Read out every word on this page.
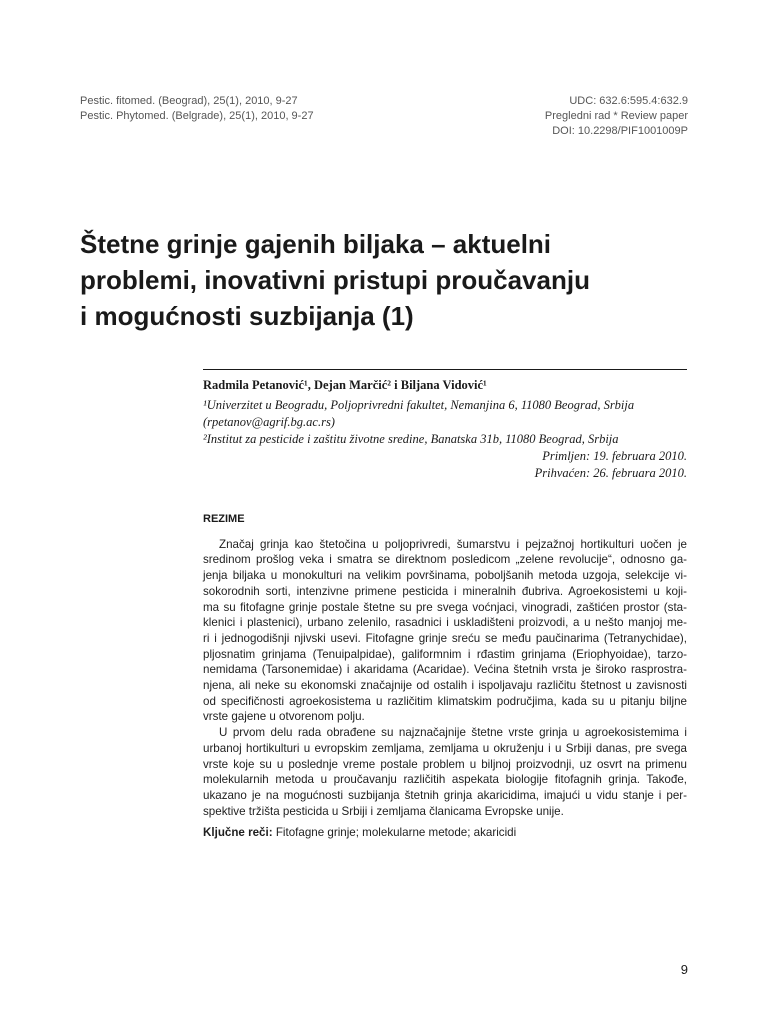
Pestic. fitomed. (Beograd), 25(1), 2010, 9-27
Pestic. Phytomed. (Belgrade), 25(1), 2010, 9-27
UDC: 632.6:595.4:632.9
Pregledni rad * Review paper
DOI: 10.2298/PIF1001009P
Štetne grinje gajenih biljaka – aktuelni
problemi, inovativni pristupi proučavanju
i mogućnosti suzbijanja (1)
Radmila Petanović¹, Dejan Marčić² i Biljana Vidović¹
¹Univerzitet u Beogradu, Poljoprivredni fakultet, Nemanjina 6, 11080 Beograd, Srbija
(rpetanov@agrif.bg.ac.rs)
²Institut za pesticide i zaštitu životne sredine, Banatska 31b, 11080 Beograd, Srbija
Primljen: 19. februara 2010.
Prihvaćen: 26. februara 2010.
REZIME
Značaj grinja kao štetočina u poljoprivredi, šumarstvu i pejzažnoj hortikulturi uočen je
sredinom prošlog veka i smatra se direktnom posledicom „zelene revolucije“, odnosno ga-
jenja biljaka u monokulturi na velikim površinama, poboljšanih metoda uzgoja, selekcije vi-
sokorodnih sorti, intenzivne primene pesticida i mineralnih đubriva. Agroekosistemi u koji-
ma su fitofagne grinje postale štetne su pre svega voćnjaci, vinogradi, zaštićen prostor (sta-
klenici i plastenici), urbano zelenilo, rasadnici i uskladišteni proizvodi, a u nešto manjoj me-
ri i jednogodišnji njivski usevi. Fitofagne grinje sreću se među paučinarima (Tetranychidae),
pljosnatim grinjama (Tenuipalpidae), galiformnim i rđastim grinjama (Eriophyoidae), tarzo-
nemidama (Tarsonemidae) i akaridama (Acaridae). Većina štetnih vrsta je široko rasprostra-
njena, ali neke su ekonomski značajnije od ostalih i ispoljavaju različitu štetnost u zavisnosti
od specifičnosti agroekosistema u različitim klimatskim područjima, kada su u pitanju biljne
vrste gajene u otvorenom polju.
U prvom delu rada obrađene su najznačajnije štetne vrste grinja u agroekosistemima i
urbanoj hortikulturi u evropskim zemljama, zemljama u okruženju i u Srbiji danas, pre svega
vrste koje su u poslednje vreme postale problem u biljnoj proizvodnji, uz osvrt na primenu
molekularnih metoda u proučavanju različitih aspekata biologije fitofagnih grinja. Takođe,
ukazano je na mogućnosti suzbijanja štetnih grinja akaricidima, imajući u vidu stanje i per-
spektive tržišta pesticida u Srbiji i zemljama članicama Evropske unije.
Ključne reči: Fitofagne grinje; molekularne metode; akaricidi
9
